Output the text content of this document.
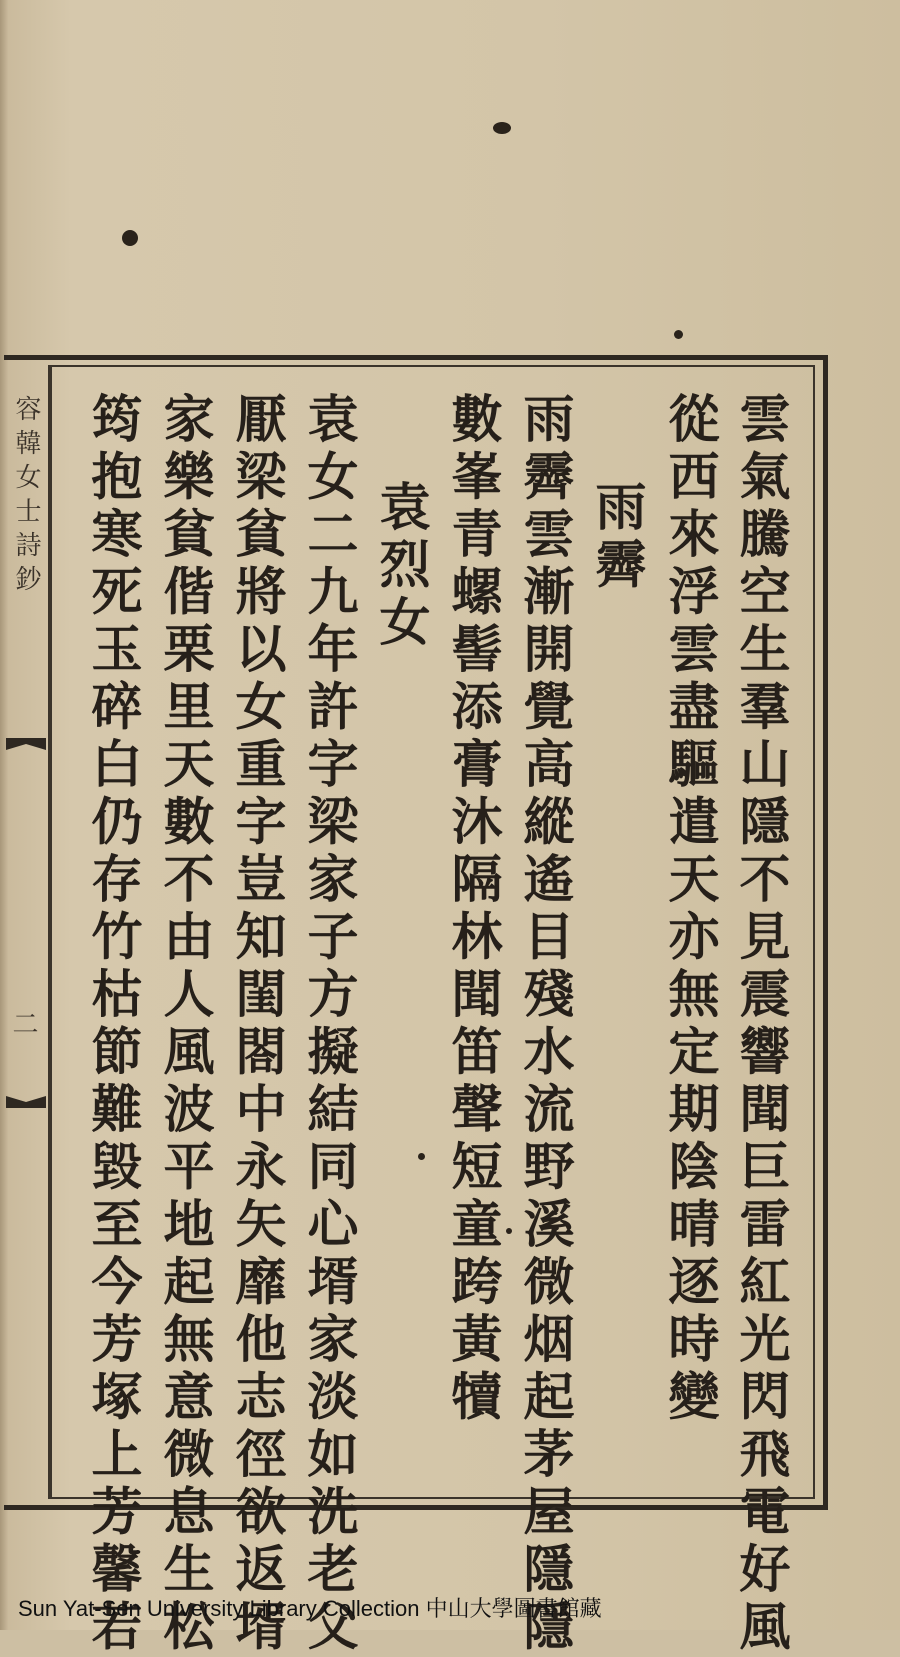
容韓女士詩鈔
二	雲氣騰空生羣山隱不見震響聞巨雷紅光閃飛電好風
從西來浮雲盡驅遣天亦無定期陰晴逐時變
雨霽
雨霽雲漸開覺高縱遙目殘水流野溪微烟起茅屋隱隱
數峯青螺髻添膏沐隔林聞笛聲短童跨黃犢
袁烈女
袁女二九年許字梁家子方擬結同心壻家淡如洗老父
厭梁貧將以女重字豈知閨閤中永矢靡他志徑欲返壻
家樂貧偕栗里天數不由人風波平地起無意微息生松
筠抱寒死玉碎白仍存竹枯節難毀至今芳塚上芳馨若
Sun Yat-Sen University Library Collection 中山大學圖書館藏
